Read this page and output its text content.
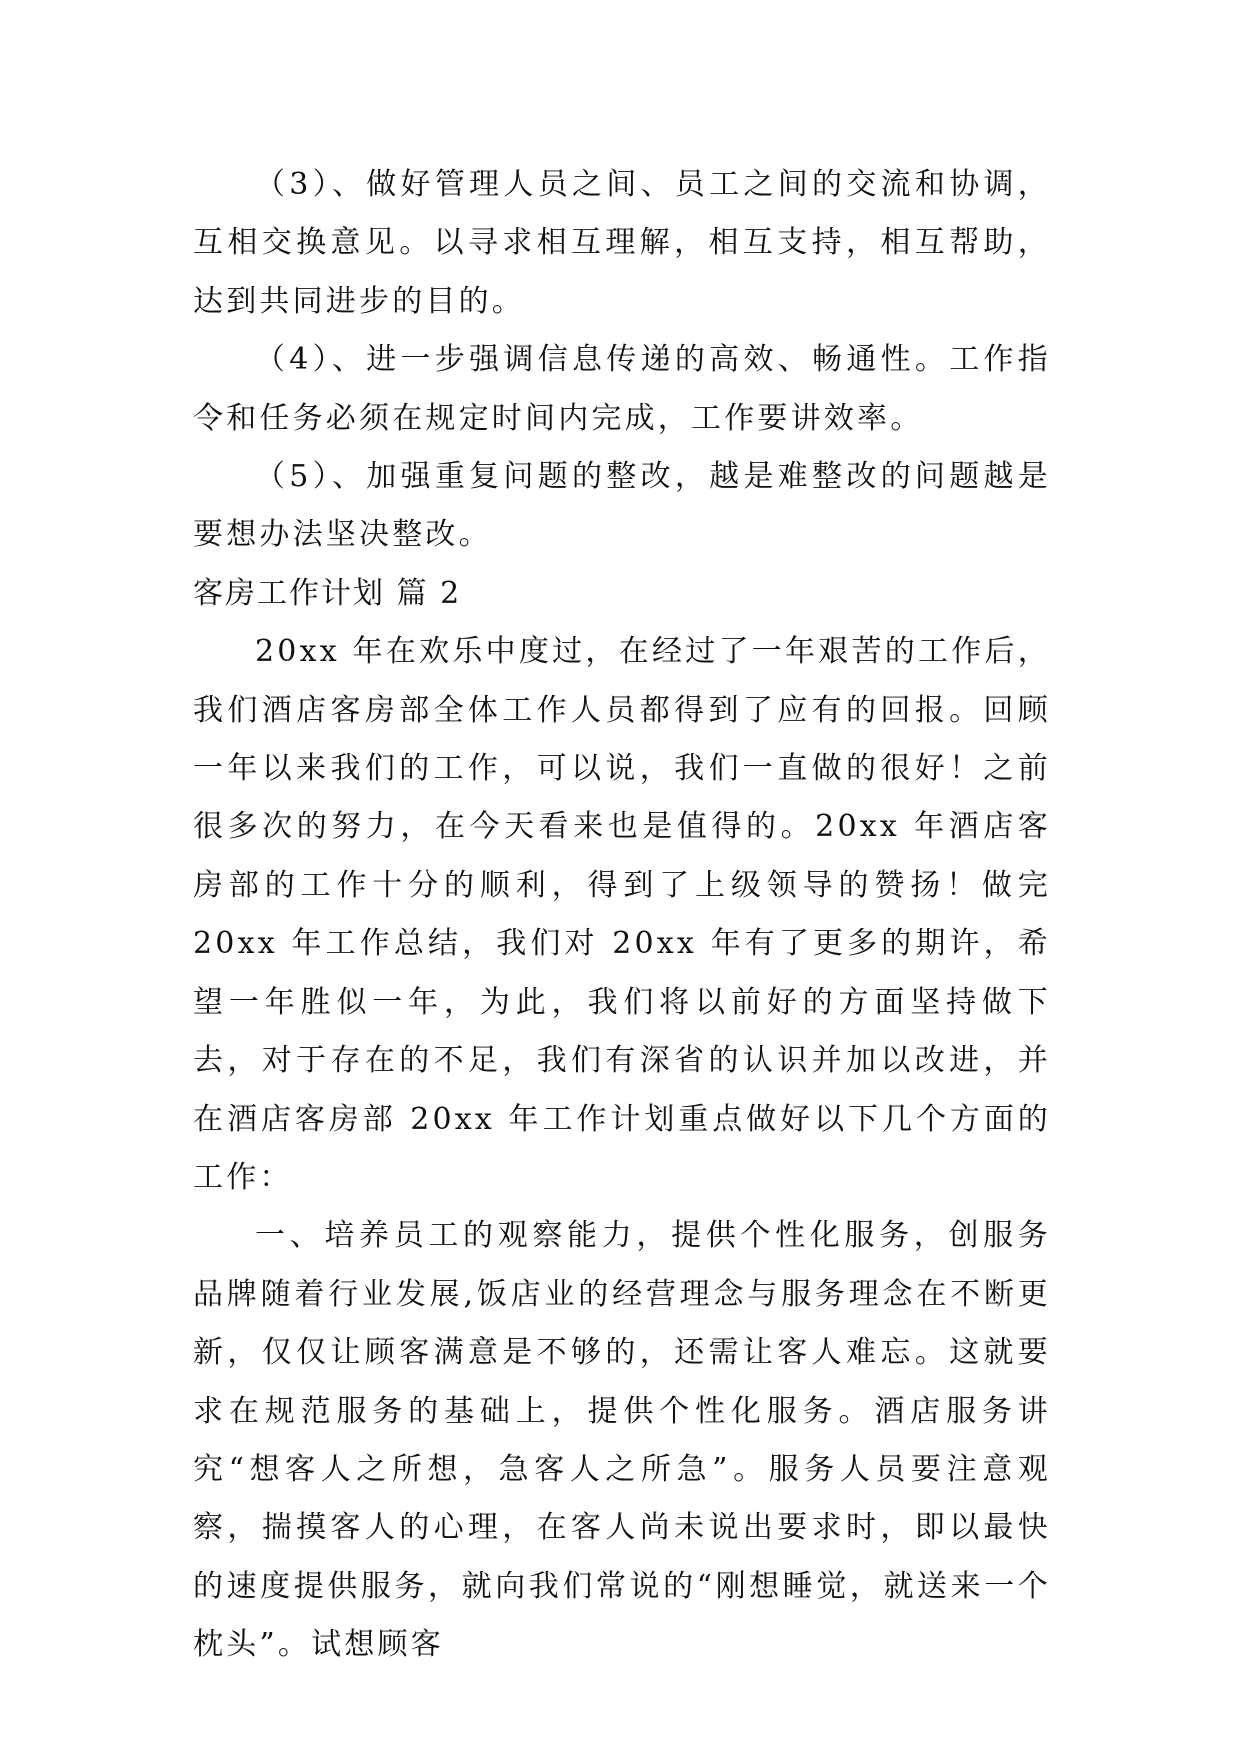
（3）、做好管理人员之间、员工之间的交流和协调，互相交换意见。以寻求相互理解，相互支持，相互帮助，达到共同进步的目的。

（4）、进一步强调信息传递的高效、畅通性。工作指令和任务必须在规定时间内完成，工作要讲效率。

（5）、加强重复问题的整改，越是难整改的问题越是要想办法坚决整改。

客房工作计划 篇 2

20xx 年在欢乐中度过，在经过了一年艰苦的工作后，我们酒店客房部全体工作人员都得到了应有的回报。回顾一年以来我们的工作，可以说，我们一直做的很好！之前很多次的努力，在今天看来也是值得的。20xx 年酒店客房部的工作十分的顺利，得到了上级领导的赞扬！做完 20xx 年工作总结，我们对 20xx 年有了更多的期许，希望一年胜似一年，为此，我们将以前好的方面坚持做下去，对于存在的不足，我们有深省的认识并加以改进，并在酒店客房部 20xx 年工作计划重点做好以下几个方面的工作：

一、培养员工的观察能力，提供个性化服务，创服务品牌随着行业发展,饭店业的经营理念与服务理念在不断更新，仅仅让顾客满意是不够的，还需让客人难忘。这就要求在规范服务的基础上，提供个性化服务。酒店服务讲究“想客人之所想，急客人之所急”。服务人员要注意观察，揣摸客人的心理，在客人尚未说出要求时，即以最快的速度提供服务，就向我们常说的“刚想睡觉，就送来一个枕头”。试想顾客
